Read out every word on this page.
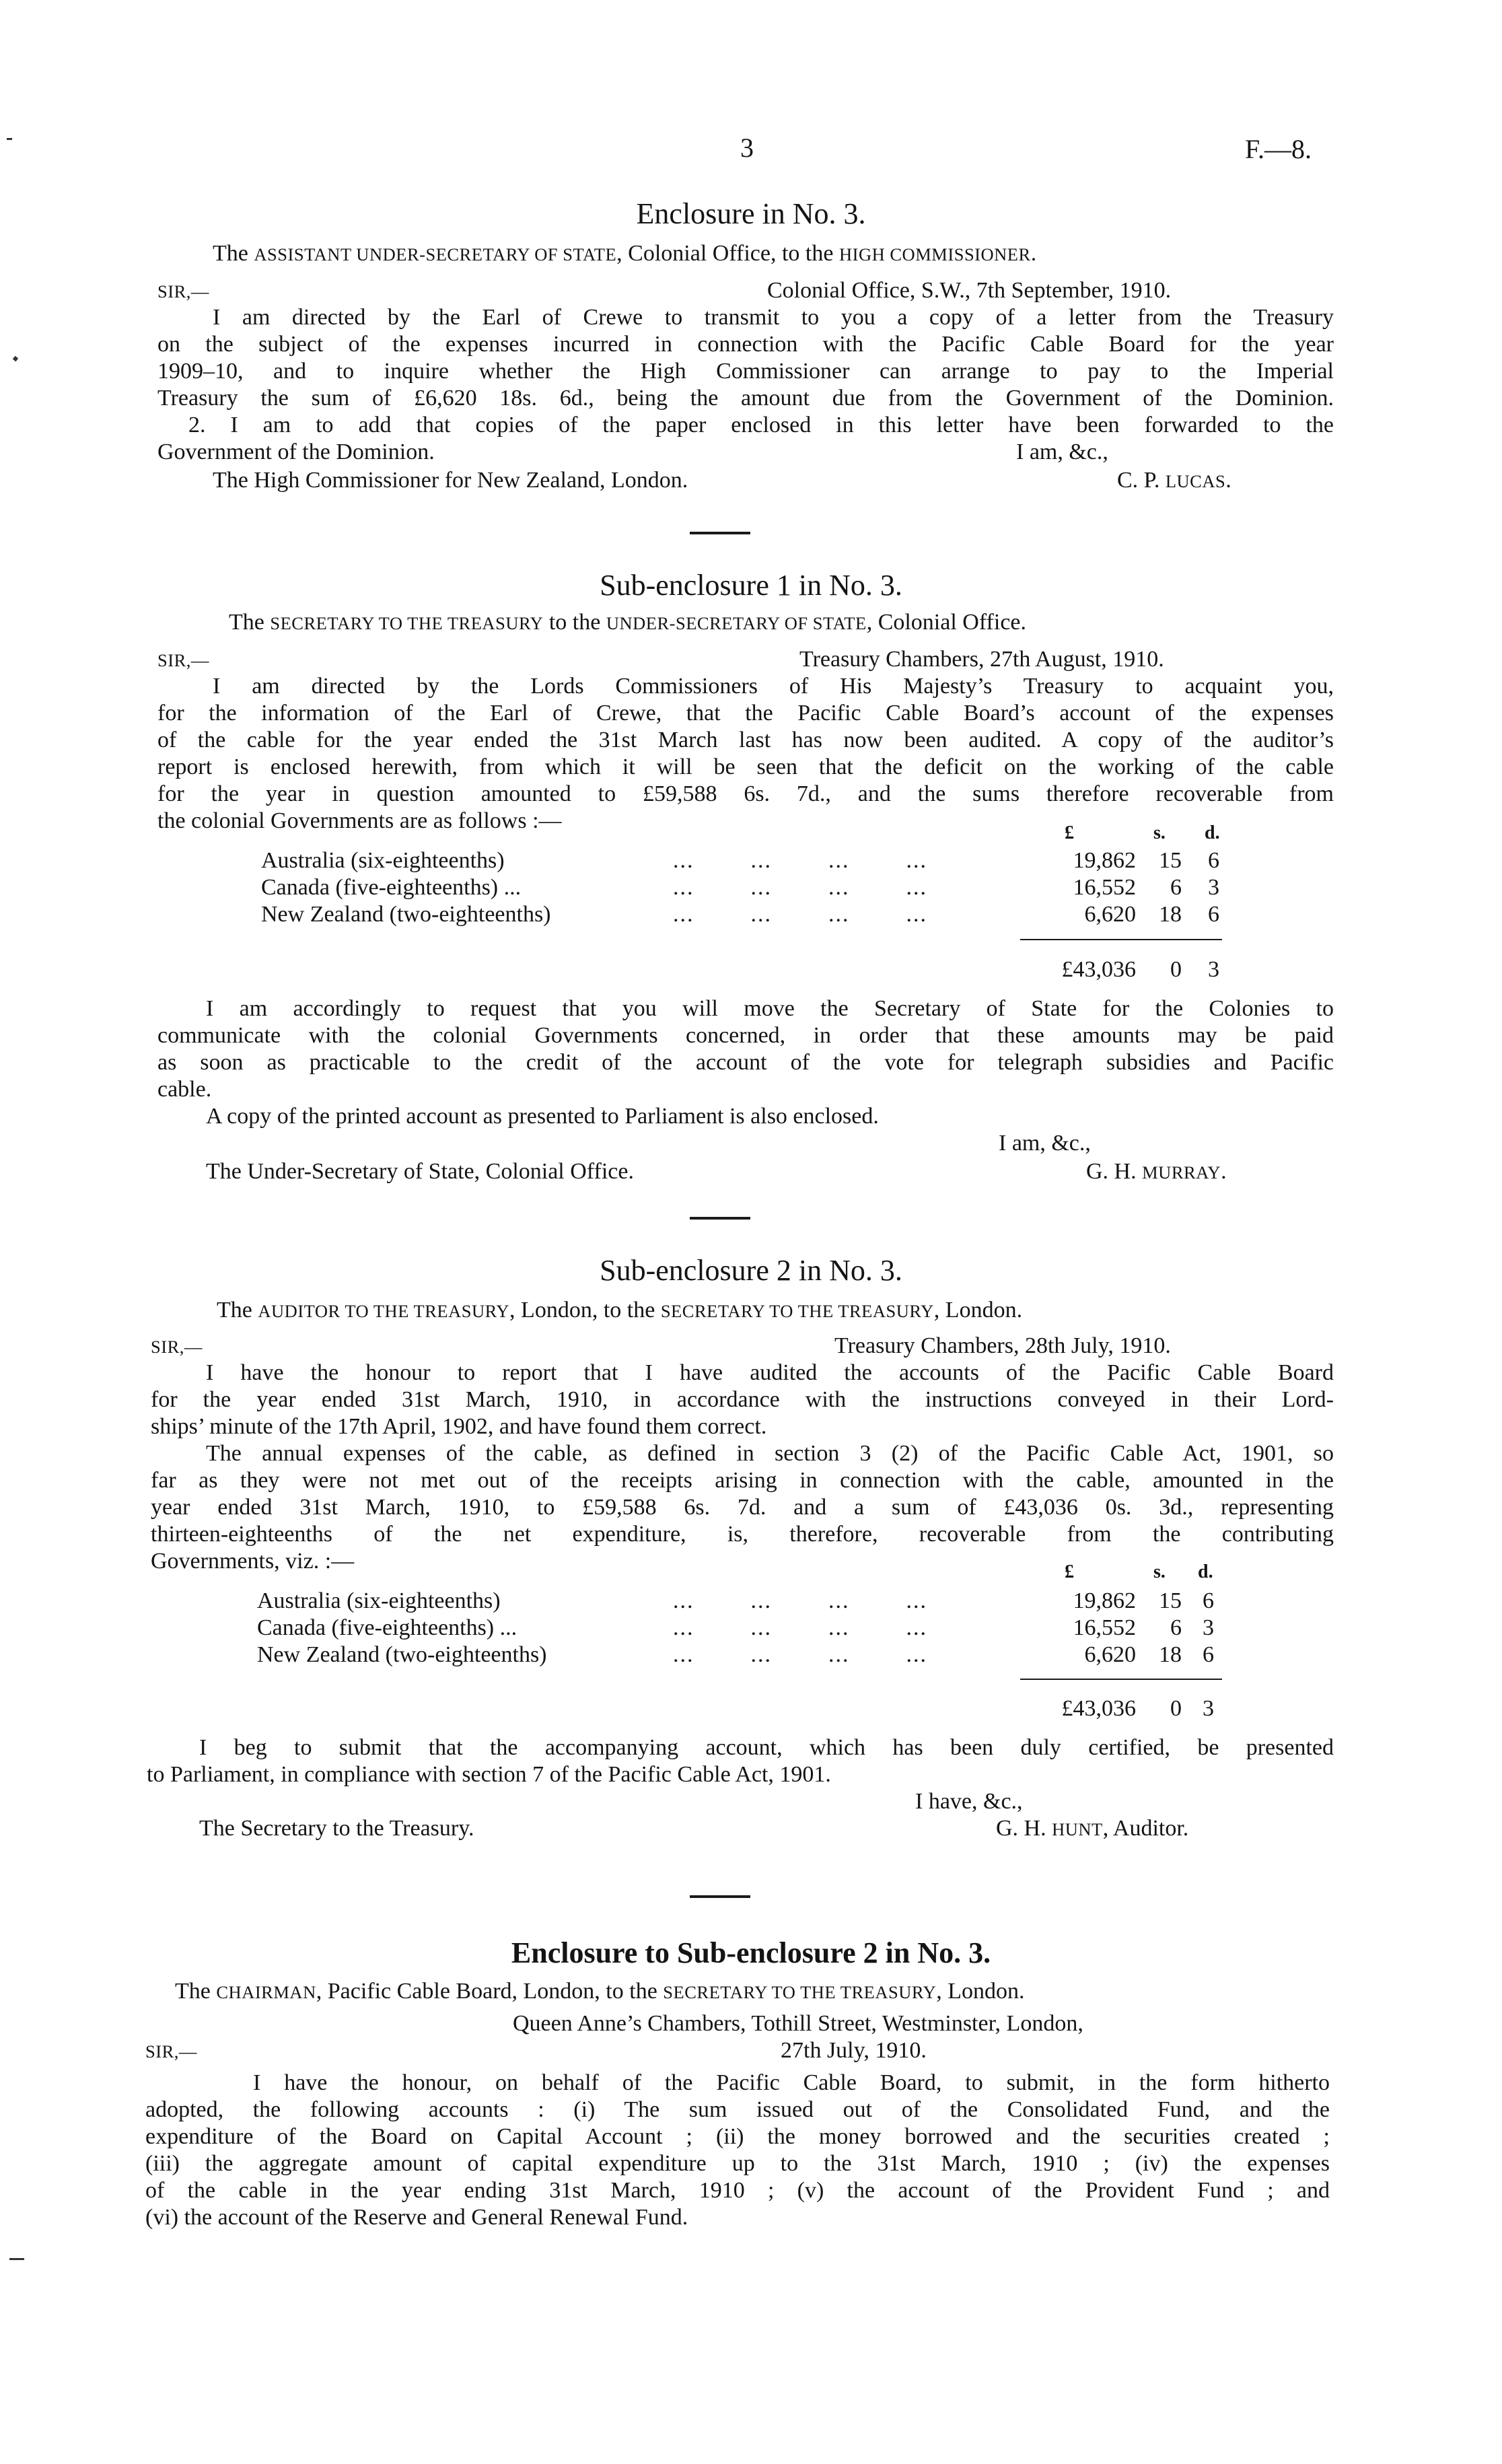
3	F.—8.
Enclosure in No. 3.
The ASSISTANT UNDER-SECRETARY OF STATE, Colonial Office, to the HIGH COMMISSIONER.
SIR,—	Colonial Office, S.W., 7th September, 1910.
I am directed by the Earl of Crewe to transmit to you a copy of a letter from the Treasury
on the subject of the expenses incurred in connection with the Pacific Cable Board for the year
1909–10, and to inquire whether the High Commissioner can arrange to pay to the Imperial
Treasury the sum of £6,620 18s. 6d., being the amount due from the Government of the Dominion.
2. I am to add that copies of the paper enclosed in this letter have been forwarded to the
Government of the Dominion.	I am, &c.,
The High Commissioner for New Zealand, London.	C. P. LUCAS.
Sub-enclosure 1 in No. 3.
The SECRETARY TO THE TREASURY to the UNDER-SECRETARY OF STATE, Colonial Office.
SIR,—	Treasury Chambers, 27th August, 1910.
I am directed by the Lords Commissioners of His Majesty’s Treasury to acquaint you,
for the information of the Earl of Crewe, that the Pacific Cable Board’s account of the expenses
of the cable for the year ended the 31st March last has now been audited. A copy of the auditor’s
report is enclosed herewith, from which it will be seen that the deficit on the working of the cable
for the year in question amounted to £59,588 6s. 7d., and the sums therefore recoverable from
the colonial Governments are as follows :—	£	s. d.
Australia (six-eighteenths)	...        ...        ...        ...	19,862	15	6
Canada (five-eighteenths) ...	...        ...        ...        ...	16,552	6	3
New Zealand (two-eighteenths)	...        ...        ...        ...	6,620	18	6
£43,036	0	3
I am accordingly to request that you will move the Secretary of State for the Colonies to
communicate with the colonial Governments concerned, in order that these amounts may be paid
as soon as practicable to the credit of the account of the vote for telegraph subsidies and Pacific
cable.
A copy of the printed account as presented to Parliament is also enclosed.
I am, &c.,
The Under-Secretary of State, Colonial Office.	G. H. MURRAY.
Sub-enclosure 2 in No. 3.
The AUDITOR TO THE TREASURY, London, to the SECRETARY TO THE TREASURY, London.
SIR,—	Treasury Chambers, 28th July, 1910.
I have the honour to report that I have audited the accounts of the Pacific Cable Board
for the year ended 31st March, 1910, in accordance with the instructions conveyed in their Lord-
ships’ minute of the 17th April, 1902, and have found them correct.
The annual expenses of the cable, as defined in section 3 (2) of the Pacific Cable Act, 1901, so
far as they were not met out of the receipts arising in connection with the cable, amounted in the
year ended 31st March, 1910, to £59,588 6s. 7d. and a sum of £43,036 0s. 3d., representing
thirteen-eighteenths of the net expenditure, is, therefore, recoverable from the contributing
Governments, viz. :—	£	s. d.
Australia (six-eighteenths)	...        ...        ...        ...	19,862	15 6
Canada (five-eighteenths) ...	...        ...        ...        ...	16,552	6 3
New Zealand (two-eighteenths)	...        ...        ...        ...	6,620	18 6
£43,036	0 3
I beg to submit that the accompanying account, which has been duly certified, be presented
to Parliament, in compliance with section 7 of the Pacific Cable Act, 1901.
I have, &c.,
The Secretary to the Treasury.	G. H. HUNT, Auditor.
Enclosure to Sub-enclosure 2 in No. 3.
The CHAIRMAN, Pacific Cable Board, London, to the SECRETARY TO THE TREASURY, London.
Queen Anne’s Chambers, Tothill Street, Westminster, London,
SIR,—	27th July, 1910.
I have the honour, on behalf of the Pacific Cable Board, to submit, in the form hitherto
adopted, the following accounts : (i) The sum issued out of the Consolidated Fund, and the
expenditure of the Board on Capital Account ; (ii) the money borrowed and the securities created ;
(iii) the aggregate amount of capital expenditure up to the 31st March, 1910 ; (iv) the expenses
of the cable in the year ending 31st March, 1910 ; (v) the account of the Provident Fund ; and
(vi) the account of the Reserve and General Renewal Fund.
